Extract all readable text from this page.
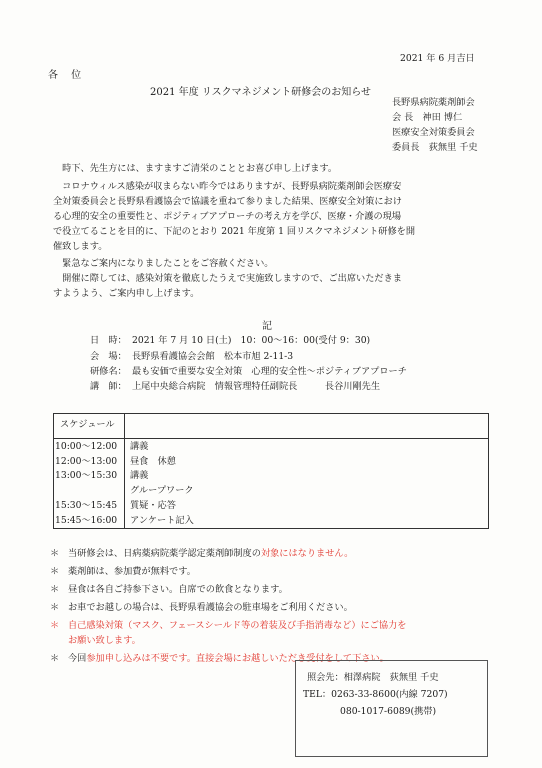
2021 年 6 月吉日
各 位
2021 年度 リスクマネジメント研修会のお知らせ
長野県病院薬剤師会
会 長　神田 博仁
医療安全対策委員会
委員長　荻無里 千史
　時下、先生方には、ますますご清栄のこととお喜び申し上げます。
　コロナウィルス感染が収まらない昨今ではありますが、長野県病院薬剤師会医療安
全対策委員会と長野県看護協会で協議を重ねて参りました結果、医療安全対策におけ
る心理的安全の重要性と、ポジティブアプローチの考え方を学び、医療・介護の現場
で役立てることを目的に、下記のとおり 2021 年度第 1 回リスクマネジメント研修を開
催致します。
　緊急なご案内になりましたことをご容赦ください。
　開催に際しては、感染対策を徹底したうえで実施致しますので、ご出席いただきま
すようよう、ご案内申し上げます。
記
日　時： 2021 年 7 月 10 日(土)　10：00～16：00(受付 9：30)
会　場： 長野県看護協会会館　松本市旭 2-11-3
研修名： 最も安価で重要な安全対策　心理的安全性～ポジティブアプローチ
講　師： 上尾中央総合病院　情報管理特任副院長　　　長谷川剛先生
スケジュール
10:00～12:00 講義
12:00～13:00 昼食　休憩
13:00～15:30 講義
グループワーク
15:30～15:45 質疑・応答
15:45～16:00 アンケート記入
＊ 当研修会は、日病薬病院薬学認定薬剤師制度の対象にはなりません。
＊ 薬剤師は、参加費が無料です。
＊ 昼食は各自ご持参下さい。自席での飲食となります。
＊ お車でお越しの場合は、長野県看護協会の駐車場をご利用ください。
＊ 自己感染対策（マスク、フェースシールド等の着装及び手指消毒など）にご協力を
お願い致します。
＊ 今回参加申し込みは不要です。直接会場にお越しいただき受付をして下さい。
照会先：相澤病院　荻無里 千史
TEL：0263-33-8600(内線 7207)
080-1017-6089(携帯)
